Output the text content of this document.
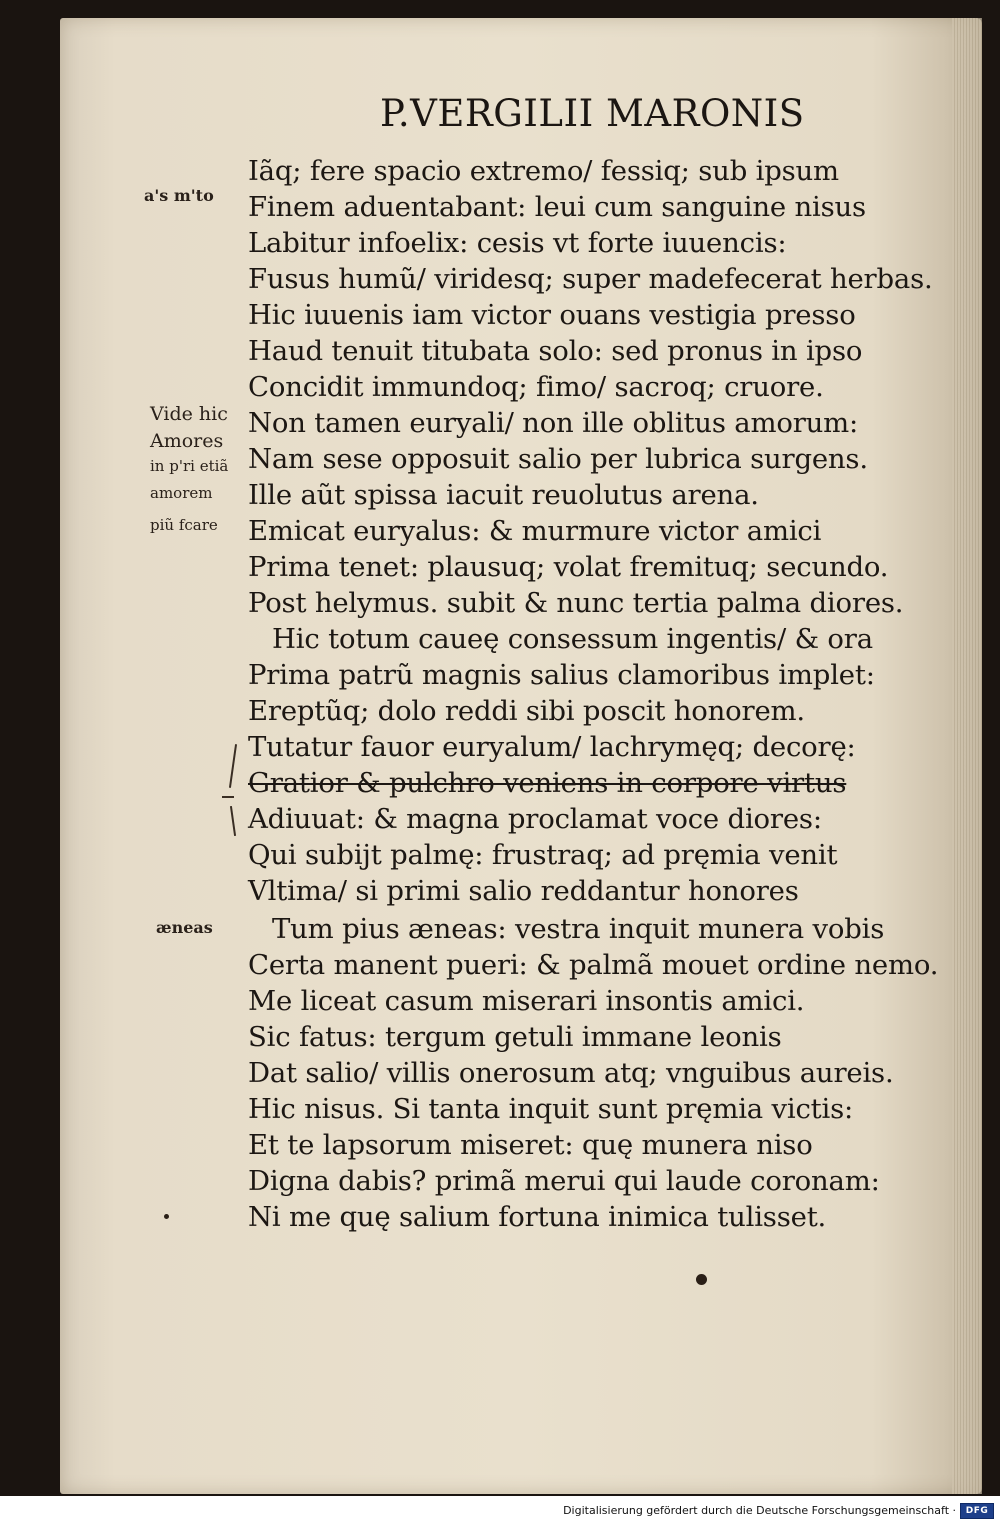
P.VERGILII MARONIS
Iãq; fere spacio extremo/ fessiq; sub ipsum
Finem aduentabant: leui cum sanguine nisus
Labitur infoelix: cesis vt forte iuuencis:
Fusus humũ/ viridesq; super madefecerat herbas.
Hic iuuenis iam victor ouans vestigia presso
Haud tenuit titubata solo: sed pronus in ipso
Concidit immundoq; fimo/ sacroq; cruore.
Non tamen euryali/ non ille oblitus amorum:
Nam sese opposuit salio per lubrica surgens.
Ille aũt spissa iacuit reuolutus arena.
Emicat euryalus: & murmure victor amici
Prima tenet: plausuq; volat fremituq; secundo.
Post helymus. subit & nunc tertia palma diores.
Hic totum caueę consessum ingentis/ & ora
Prima patrũ magnis salius clamoribus implet:
Ereptũq; dolo reddi sibi poscit honorem.
Tutatur fauor euryalum/ lachrymęq; decorę:
Gratior & pulchro veniens in corpore virtus
Adiuuat: & magna proclamat voce diores:
Qui subijt palmę: frustraq; ad pręmia venit
Vltima/ si primi salio reddantur honores
Tum pius æneas: vestra inquit munera vobis
Certa manent pueri: & palmã mouet ordine nemo.
Me liceat casum miserari insontis amici.
Sic fatus: tergum getuli immane leonis
Dat salio/ villis onerosum atq; vnguibus aureis.
Hic nisus. Si tanta inquit sunt pręmia victis:
Et te lapsorum miseret: quę munera niso
Digna dabis? primã merui qui laude coronam:
Ni me quę salium fortuna inimica tulisset.
a's m'to
Vide hic
Amores
in p'ri etiã
amorem
piũ fcare
æneas
Digitalisierung gefördert durch die Deutsche Forschungsgemeinschaft ·	DFG
